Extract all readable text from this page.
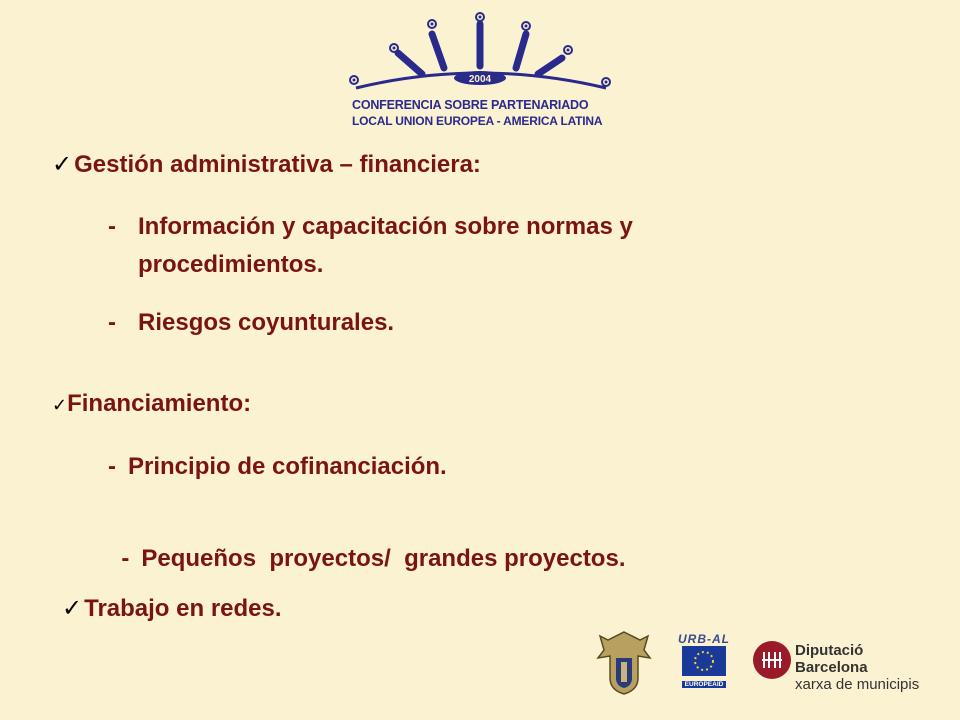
2004
CONFERENCIA SOBRE PARTENARIADO
LOCAL UNION EUROPEA - AMERICA LATINA
✓Gestión administrativa – financiera:
- Información y capacitación sobre normas y
procedimientos.
- Riesgos coyunturales.
✓Financiamiento:
- Principio de cofinanciación.

- Pequeños  proyectos/  grandes proyectos.

✓Trabajo en redes.
URB-AL
EUROPEAID
Diputació
Barcelona
xarxa de municipis
